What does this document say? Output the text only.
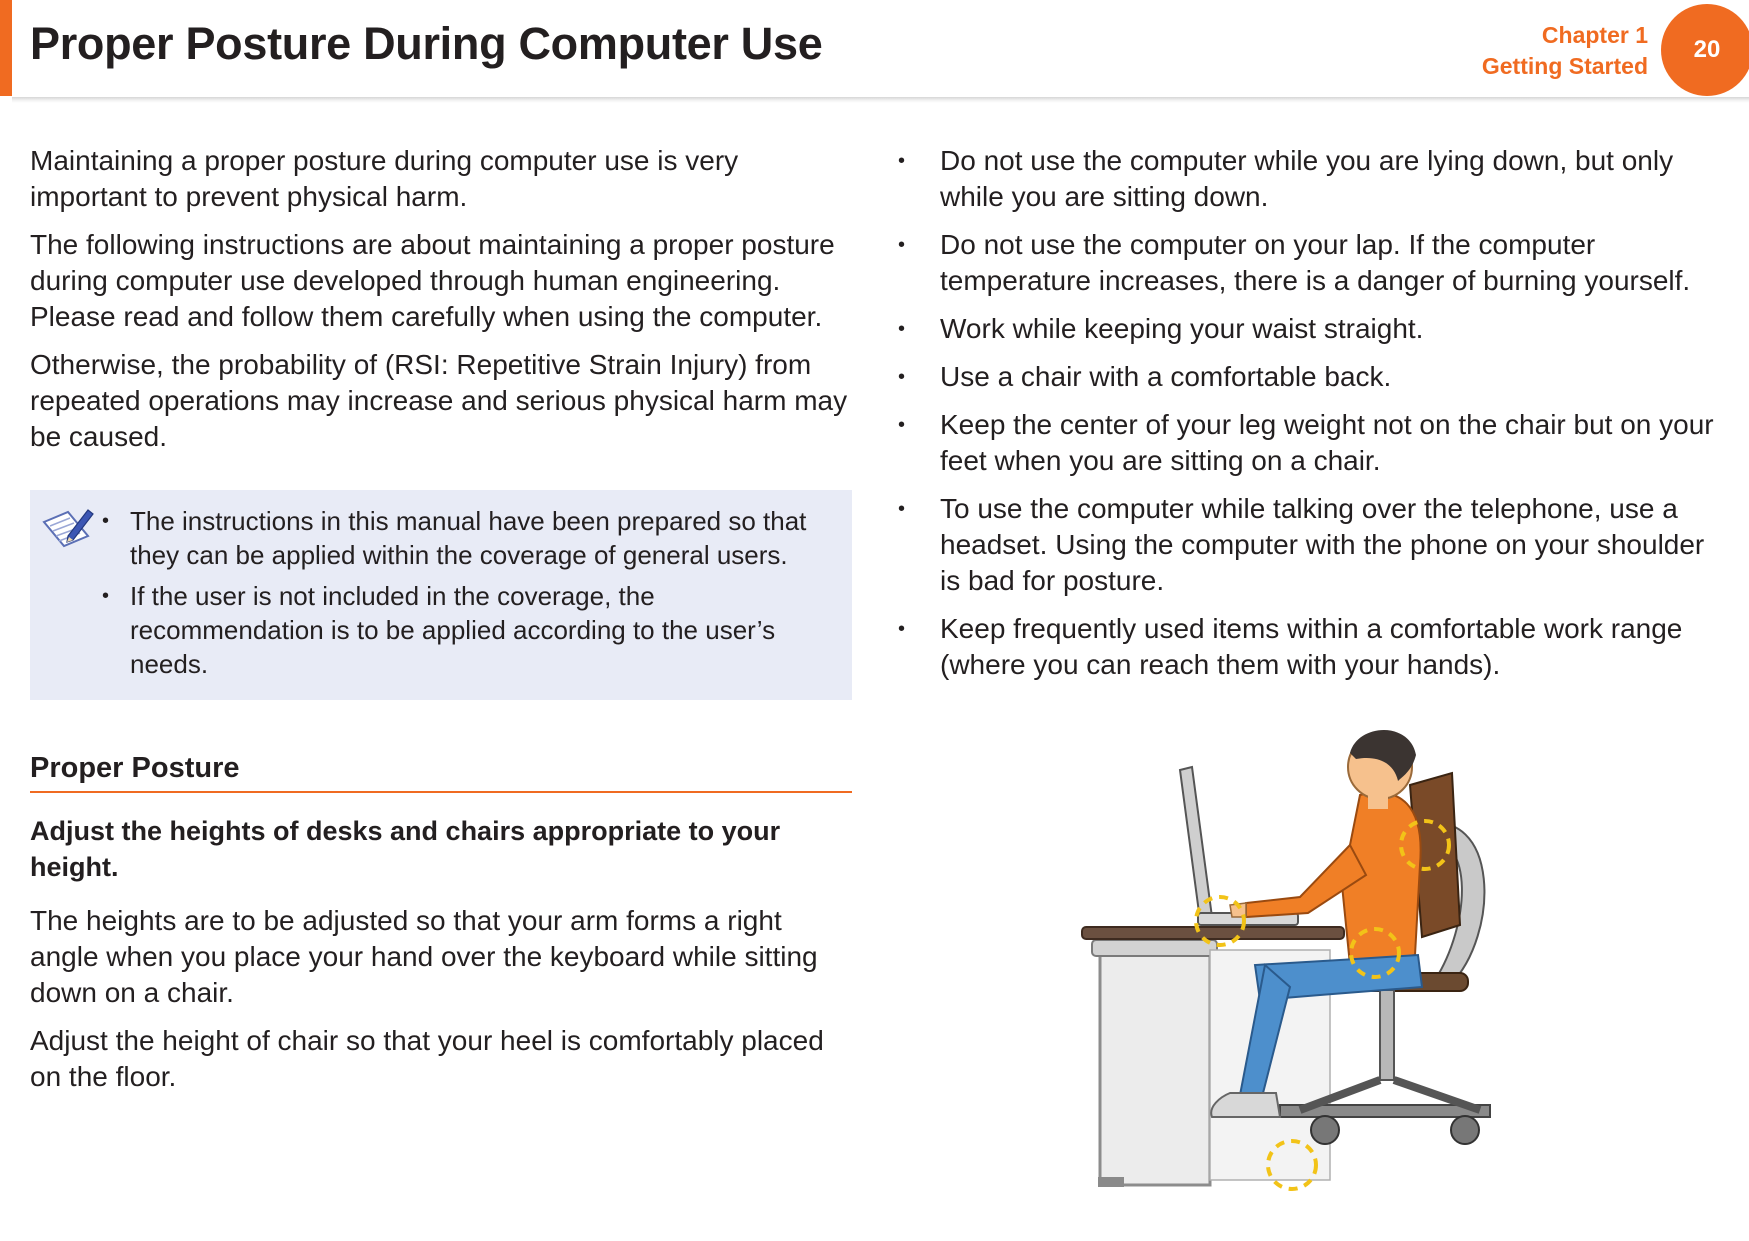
Proper Posture During Computer Use	Chapter 1
Getting Started
20

Maintaining a proper posture during computer use is very important to prevent physical harm.

The following instructions are about maintaining a proper posture during computer use developed through human engineering. Please read and follow them carefully when using the computer.

Otherwise, the probability of (RSI: Repetitive Strain Injury) from repeated operations may increase and serious physical harm may be caused.

• The instructions in this manual have been prepared so that they can be applied within the coverage of general users.
• If the user is not included in the coverage, the recommendation is to be applied according to the user’s needs.
Proper Posture
Adjust the heights of desks and chairs appropriate to your height.

The heights are to be adjusted so that your arm forms a right angle when you place your hand over the keyboard while sitting down on a chair.

Adjust the height of chair so that your heel is comfortably placed on the floor.

• Do not use the computer while you are lying down, but only while you are sitting down.
• Do not use the computer on your lap. If the computer temperature increases, there is a danger of burning yourself.
• Work while keeping your waist straight.
• Use a chair with a comfortable back.
• Keep the center of your leg weight not on the chair but on your feet when you are sitting on a chair.
• To use the computer while talking over the telephone, use a headset. Using the computer with the phone on your shoulder is bad for posture.
• Keep frequently used items within a comfortable work range (where you can reach them with your hands).
